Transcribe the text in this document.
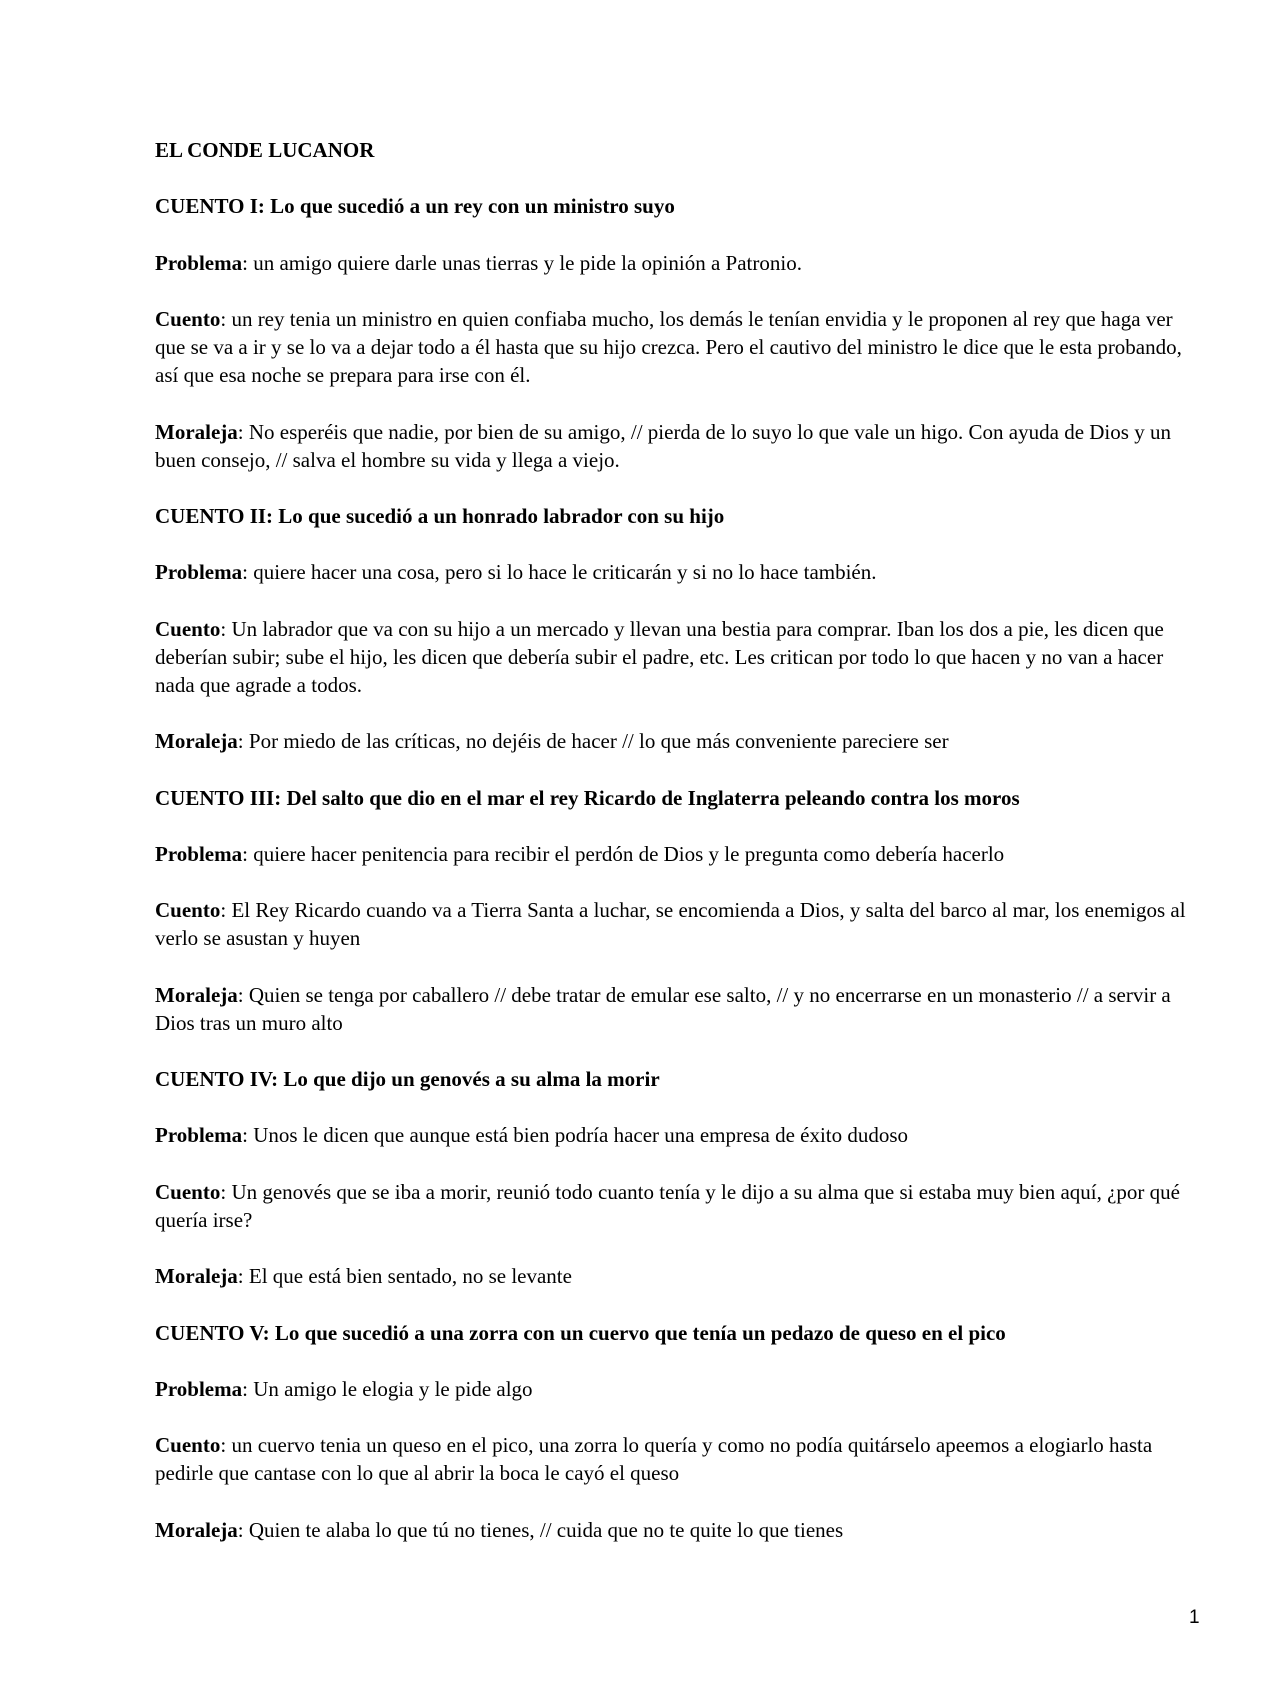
EL CONDE LUCANOR

CUENTO I: Lo que sucedió a un rey con un ministro suyo

Problema: un amigo quiere darle unas tierras y le pide la opinión a Patronio.

Cuento: un rey tenia un ministro en quien confiaba mucho, los demás le tenían envidia y le proponen al rey que haga ver que se va a ir y se lo va a dejar todo a él hasta que su hijo crezca. Pero el cautivo del ministro le dice que le esta probando, así que esa noche se prepara para irse con él.

Moraleja: No esperéis que nadie, por bien de su amigo, // pierda de lo suyo lo que vale un higo. Con ayuda de Dios y un buen consejo, // salva el hombre su vida y llega a viejo.

CUENTO II: Lo que sucedió a un honrado labrador con su hijo

Problema: quiere hacer una cosa, pero si lo hace le criticarán y si no lo hace también.

Cuento: Un labrador que va con su hijo a un mercado y llevan una bestia para comprar. Iban los dos a pie, les dicen que deberían subir; sube el hijo, les dicen que debería subir el padre, etc. Les critican por todo lo que hacen y no van a hacer nada que agrade a todos.

Moraleja: Por miedo de las críticas, no dejéis de hacer // lo que más conveniente pareciere ser

CUENTO III: Del salto que dio en el mar el rey Ricardo de Inglaterra peleando contra los moros

Problema: quiere hacer penitencia para recibir el perdón de Dios y le pregunta como debería hacerlo

Cuento: El Rey Ricardo cuando va a Tierra Santa a luchar, se encomienda a Dios, y salta del barco al mar, los enemigos al verlo se asustan y huyen

Moraleja: Quien se tenga por caballero // debe tratar de emular ese salto, // y no encerrarse en un monasterio // a servir a Dios tras un muro alto

CUENTO IV: Lo que dijo un genovés a su alma la morir

Problema: Unos le dicen que aunque está bien podría hacer una empresa de éxito dudoso

Cuento: Un genovés que se iba a morir, reunió todo cuanto tenía y le dijo a su alma que si estaba muy bien aquí, ¿por qué quería irse?

Moraleja: El que está bien sentado, no se levante

CUENTO V: Lo que sucedió a una zorra con un cuervo que tenía un pedazo de queso en el pico

Problema: Un amigo le elogia y le pide algo

Cuento: un cuervo tenia un queso en el pico, una zorra lo quería y como no podía quitárselo apeemos a elogiarlo hasta pedirle que cantase con lo que al abrir la boca le cayó el queso

Moraleja: Quien te alaba lo que tú no tienes, // cuida que no te quite lo que tienes

1
